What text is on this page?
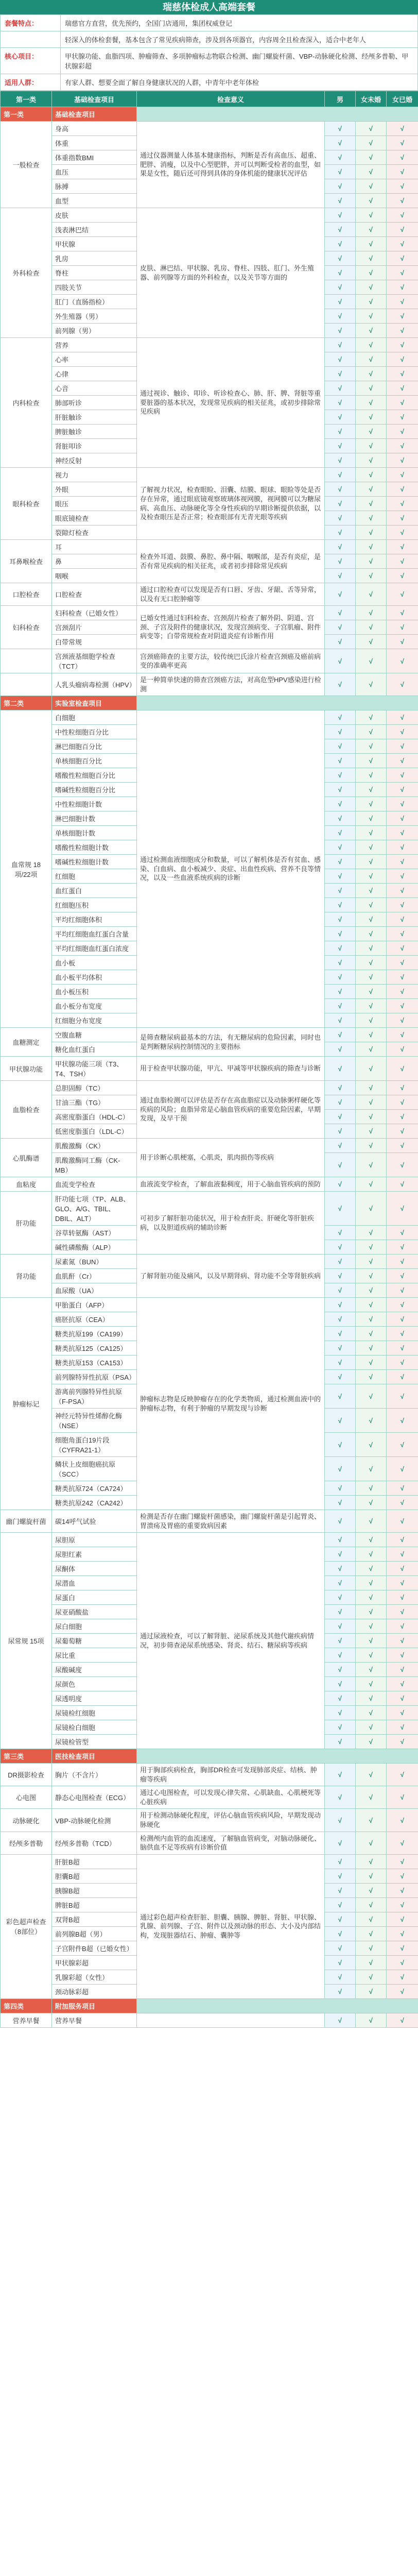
瑞慈体检成人高端套餐
套餐特点：	瑞慈官方直营，优先预约，全国门店通用，集团权威登记
	轻深入的体检套餐，基本包含了常见疾病筛查，涉及到各项器官，内容周全且检查深入，适合中老年人
核心项目：	甲状腺功能、血脂四项、肿瘤筛查、多项肿瘤标志物联合检测、幽门螺旋杆菌、VBP-动脉硬化检测、经颅多普勒、甲状腺彩超
适用人群：	有家人群、想要全面了解自身健康状况的人群，中青年中老年体检
第一类	基础检查项目	检查意义	男	女未婚	女已婚
第一类	基础检查项目				
一般检查	身高	通过仪器测量人体基本健康指标，判断是否有高血压、超重、肥胖、消瘦，以及中心型肥胖，并可以判断受检者的血型，如果是女性，随后还可得到具体的身体机能的健康状况评估	√	√	√
	体重		√	√	√
	体重指数BMI		√	√	√
	血压		√	√	√
	脉搏		√	√	√
	血型		√	√	√
外科检查	皮肤	皮肤、淋巴结、甲状腺、乳房、脊柱、四肢、肛门、外生殖器、前列腺等方面的外科检查，以及关节等方面的	√	√	√
	浅表淋巴结		√	√	√
	甲状腺		√	√	√
	乳房		√	√	√
	脊柱		√	√	√
	四肢关节		√	√	√
	肛门（直肠指检）		√	√	√
	外生殖器（男）		√	√	√
	前列腺（男）		√	√	√
内科检查	营养	通过视诊、触诊、叩诊、听诊检查心、肺、肝、脾、肾脏等重要脏器的基本状况，发现常见疾病的相关征兆，或初步排除常见疾病	√	√	√
	心率		√	√	√
	心律		√	√	√
	心音		√	√	√
	肺部听诊		√	√	√
	肝脏触诊		√	√	√
	脾脏触诊		√	√	√
	肾脏叩诊		√	√	√
	神经反射		√	√	√
眼科检查	视力	了解视力状况，检查眼睑、泪囊、结膜、眼球、眼睑等处是否存在异常，通过眼底镜观察玻璃体视网膜，视网膜可以为糖尿病、高血压、动脉硬化等全身性疾病的早期诊断提供依据，以及检查眼压是否正常；检查眼部有无青光眼等疾病	√	√	√
	外眼		√	√	√
	眼压		√	√	√
	眼底镜检查		√	√	√
	裂隙灯检查		√	√	√
耳鼻喉检查	耳	检查外耳道、鼓膜、鼻腔、鼻中隔、咽喉部，是否有炎症，是否有常见疾病的相关征兆，或者初步排除常见疾病	√	√	√
	鼻		√	√	√
	咽喉		√	√	√
口腔检查	口腔检查	通过口腔检查可以发现是否有口唇、牙齿、牙龈、舌等异常，以及有无口腔肿瘤等	√	√	√
妇科检查	妇科检查（已婚女性）	已婚女性通过妇科检查、宫颈刮片检查了解外阴、阴道、宫颈、子宫及附件的健康状况，发现宫颈病变、子宫肌瘤、附件病变等；白带常规检查对阴道炎症有诊断作用	√	√	√
	宫颈刮片		√	√	√
	白带常规		√	√	√
	宫颈液基细胞学检查（TCT）	宫颈癌筛查的主要方法，较传统巴氏涂片检查宫颈癌及癌前病变的准确率更高	√	√	√
	人乳头瘤病毒检测（HPV）	是一种简单快速的筛查宫颈癌方法，对高危型HPV感染进行检测	√	√	√
第二类	实验室检查项目				
血常规 18项/22项	白细胞	通过检测血液细胞成分和数量，可以了解机体是否有贫血、感染、白血病、血小板减少、炎症、出血性疾病、营养不良等情况，以及一些血液系统疾病的诊断	√	√	√
	中性粒细胞百分比		√	√	√
	淋巴细胞百分比		√	√	√
	单核细胞百分比		√	√	√
	嗜酸性粒细胞百分比		√	√	√
	嗜碱性粒细胞百分比		√	√	√
	中性粒细胞计数		√	√	√
	淋巴细胞计数		√	√	√
	单核细胞计数		√	√	√
	嗜酸性粒细胞计数		√	√	√
	嗜碱性粒细胞计数		√	√	√
	红细胞		√	√	√
	血红蛋白		√	√	√
	红细胞压积		√	√	√
	平均红细胞体积		√	√	√
	平均红细胞血红蛋白含量		√	√	√
	平均红细胞血红蛋白浓度		√	√	√
	血小板		√	√	√
	血小板平均体积		√	√	√
	血小板压积		√	√	√
	血小板分布宽度		√	√	√
	红细胞分布宽度		√	√	√
血糖测定	空腹血糖	是筛查糖尿病最基本的方法，有无糖尿病的危险因素，同时也是判断糖尿病控制情况的主要指标	√	√	√
	糖化血红蛋白		√	√	√
甲状腺功能	甲状腺功能三项（T3、T4、TSH）	用于检查甲状腺功能，甲亢、甲减等甲状腺疾病的筛查与诊断	√	√	√
血脂检查	总胆固醇（TC）	通过血脂检测可以评估是否存在高血脂症以及动脉粥样硬化等疾病的风险；血脂异常是心脑血管疾病的重要危险因素，早期发现，及早干预	√	√	√
	甘油三酯（TG）		√	√	√
	高密度脂蛋白（HDL-C）		√	√	√
	低密度脂蛋白（LDL-C）		√	√	√
心肌酶谱	肌酸激酶（CK）	用于诊断心肌梗塞，心肌炎，肌肉损伤等疾病	√	√	√
	肌酸激酶同工酶（CK-MB）		√	√	√
血粘度	血流变学检查	血液流变学检查，了解血液黏稠度，用于心脑血管疾病的预防	√	√	√
肝功能	肝功能七项（TP、ALB、GLO、A/G、TBIL、DBIL、ALT）	可初步了解肝脏功能状况，用于检查肝炎、肝硬化等肝脏疾病，以及胆道疾病的辅助诊断	√	√	√
	谷草转氨酶（AST）		√	√	√
	碱性磷酸酶（ALP）		√	√	√
肾功能	尿素氮（BUN）	了解肾脏功能及痛风，以及早期肾病、肾功能不全等肾脏疾病	√	√	√
	血肌酐（Cr）		√	√	√
	血尿酸（UA）		√	√	√
肿瘤标记	甲胎蛋白（AFP）	肿瘤标志物是反映肿瘤存在的化学类物质，通过检测血液中的肿瘤标志物，有利于肿瘤的早期发现与诊断	√	√	√
	癌胚抗原（CEA）		√	√	√
	糖类抗原199（CA199）		√	√	√
	糖类抗原125（CA125）		√	√	√
	糖类抗原153（CA153）		√	√	√
	前列腺特异性抗原（PSA）		√	√	√
	游离前列腺特异性抗原（F-PSA）		√	√	√
	神经元特异性烯醇化酶（NSE）		√	√	√
	细胞角蛋白19片段（CYFRA21-1）		√	√	√
	鳞状上皮细胞癌抗原（SCC）		√	√	√
	糖类抗原724（CA724）		√	√	√
	糖类抗原242（CA242）		√	√	√
幽门螺旋杆菌	碳14呼气试验	检测是否存在幽门螺旋杆菌感染，幽门螺旋杆菌是引起胃炎、胃溃疡及胃癌的重要致病因素	√	√	√
尿常规 15项	尿胆原	通过尿液检查，可以了解肾脏、泌尿系统及其他代谢疾病情况，初步筛查泌尿系统感染、肾炎、结石、糖尿病等疾病	√	√	√
	尿胆红素		√	√	√
	尿酮体		√	√	√
	尿潜血		√	√	√
	尿蛋白		√	√	√
	尿亚硝酸盐		√	√	√
	尿白细胞		√	√	√
	尿葡萄糖		√	√	√
	尿比重		√	√	√
	尿酸碱度		√	√	√
	尿颜色		√	√	√
	尿透明度		√	√	√
	尿镜检红细胞		√	√	√
	尿镜检白细胞		√	√	√
	尿镜检管型		√	√	√
第三类	医技检查项目				
DR摄影检查	胸片（不含片）	用于胸部疾病检查，胸部DR检查可发现肺部炎症、结核、肿瘤等疾病	√	√	√
心电图	静态心电图检查（ECG）	通过心电图检查，可以发现心律失常、心肌缺血、心肌梗死等心脏疾病	√	√	√
动脉硬化	VBP-动脉硬化检测	用于检测动脉硬化程度，评估心脑血管疾病风险，早期发现动脉硬化	√	√	√
经颅多普勒	经颅多普勒（TCD）	检测颅内血管的血流速度，了解脑血管病变，对脑动脉硬化、脑供血不足等疾病有诊断价值	√	√	√
彩色超声检查（8部位）	肝脏B超	通过彩色超声检查肝脏、胆囊、胰腺、脾脏、肾脏、甲状腺、乳腺、前列腺、子宫、附件以及颈动脉的形态、大小及内部结构，发现脏器结石、肿瘤、囊肿等	√	√	√
	胆囊B超		√	√	√
	胰腺B超		√	√	√
	脾脏B超		√	√	√
	双肾B超		√	√	√
	前列腺B超（男）		√	√	√
	子宫附件B超（已婚女性）		√	√	√
	甲状腺彩超		√	√	√
	乳腺彩超（女性）		√	√	√
	颈动脉彩超		√	√	√
第四类	附加服务项目				
营养早餐	营养早餐		√	√	√
